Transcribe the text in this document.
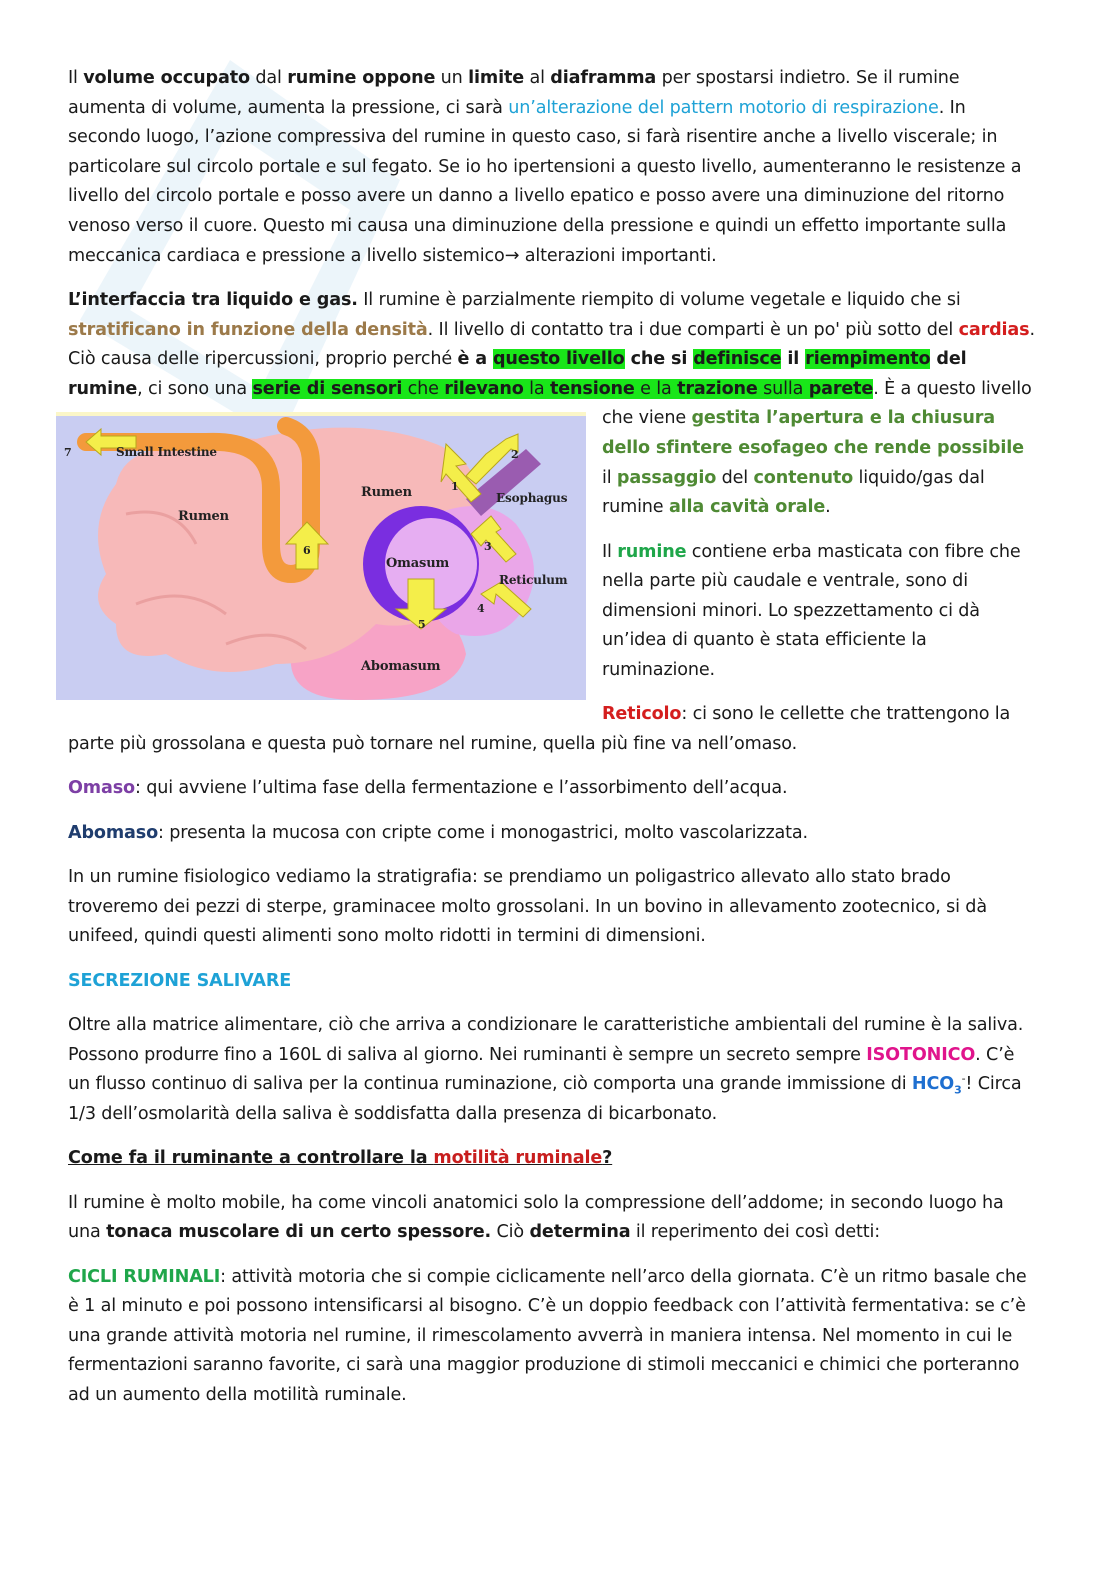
Il volume occupato dal rumine oppone un limite al diaframma per spostarsi indietro. Se il rumine aumenta di volume, aumenta la pressione, ci sarà un’alterazione del pattern motorio di respirazione. In secondo luogo, l’azione compressiva del rumine in questo caso, si farà risentire anche a livello viscerale; in particolare sul circolo portale e sul fegato. Se io ho ipertensioni a questo livello, aumenteranno le resistenze a livello del circolo portale e posso avere un danno a livello epatico e posso avere una diminuzione del ritorno venoso verso il cuore. Questo mi causa una diminuzione della pressione e quindi un effetto importante sulla meccanica cardiaca e pressione a livello sistemico→ alterazioni importanti.

L’interfaccia tra liquido e gas. Il rumine è parzialmente riempito di volume vegetale e liquido che si stratificano in funzione della densità. Il livello di contatto tra i due comparti è un po' più sotto del cardias. Ciò causa delle ripercussioni, proprio perché è a questo livello che si definisce il riempimento del rumine, ci sono una serie di sensori che rilevano la tensione e la trazione sulla parete. È a questo livello che viene
Small Intestine
7
Rumen
Rumen	Esophagus
Omasum
Reticulum
Abomasum
1
2
3
4
5
6
gestita l’apertura e la chiusura dello sfintere esofageo che rende possibile il passaggio del contenuto liquido/gas dal rumine alla cavità orale.

Il rumine contiene erba masticata con fibre che nella parte più caudale e ventrale, sono di dimensioni minori. Lo spezzettamento ci dà un’idea di quanto è stata efficiente la ruminazione.

Reticolo: ci sono le cellette che trattengono la parte più grossolana e questa può tornare nel rumine, quella più fine va nell’omaso.

Omaso: qui avviene l’ultima fase della fermentazione e l’assorbimento dell’acqua.

Abomaso: presenta la mucosa con cripte come i monogastrici, molto vascolarizzata.

In un rumine fisiologico vediamo la stratigrafia: se prendiamo un poligastrico allevato allo stato brado troveremo dei pezzi di sterpe, graminacee molto grossolani. In un bovino in allevamento zootecnico, si dà unifeed, quindi questi alimenti sono molto ridotti in termini di dimensioni.

SECREZIONE SALIVARE

Oltre alla matrice alimentare, ciò che arriva a condizionare le caratteristiche ambientali del rumine è la saliva. Possono produrre fino a 160L di saliva al giorno. Nei ruminanti è sempre un secreto sempre ISOTONICO. C’è un flusso continuo di saliva per la continua ruminazione, ciò comporta una grande immissione di $HCO_3^-$! Circa 1/3 dell’osmolarità della saliva è soddisfatta dalla presenza di bicarbonato.

Come fa il ruminante a controllare la motilità ruminale?

Il rumine è molto mobile, ha come vincoli anatomici solo la compressione dell’addome; in secondo luogo ha una tonaca muscolare di un certo spessore. Ciò determina il reperimento dei così detti:

CICLI RUMINALI: attività motoria che si compie ciclicamente nell’arco della giornata. C’è un ritmo basale che è 1 al minuto e poi possono intensificarsi al bisogno. C’è un doppio feedback con l’attività fermentativa: se c’è una grande attività motoria nel rumine, il rimescolamento avverrà in maniera intensa. Nel momento in cui le fermentazioni saranno favorite, ci sarà una maggior produzione di stimoli meccanici e chimici che porteranno ad un aumento della motilità ruminale.
